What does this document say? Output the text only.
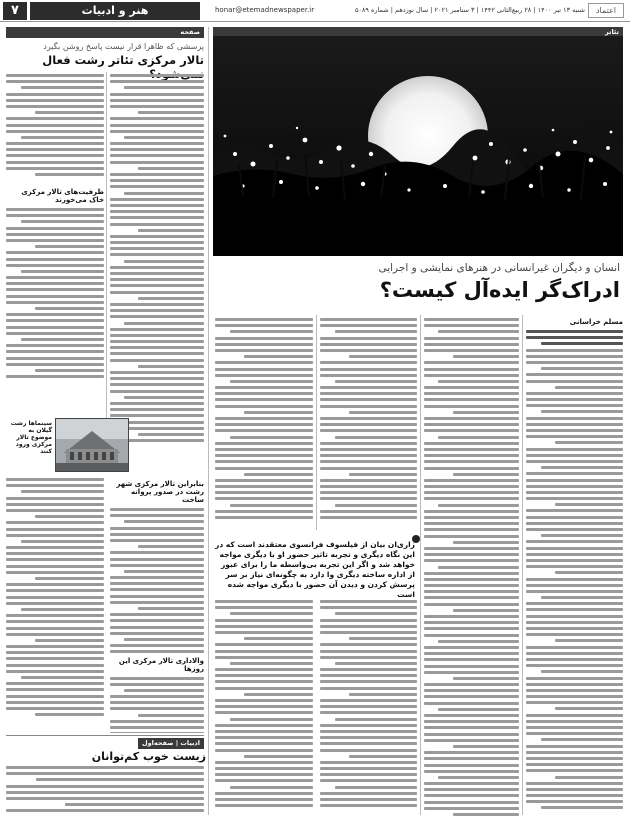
۷	هنر و ادبیات	honar@etemadnewspaper.ir	شنبه ۱۳ تیر ۱۴۰۰ | ۲۸ ربیع‌الثانی ۱۴۴۲ | ۳ ستامبر ۲۰۲۱ | سال نوزدهم | شماره ۵۰۸۹	اعتماد
صفحه	تئاتر
انسان و دیگران غیرانسانی در هنرهای نمایشی و اجرایی
ادراک‌گر ایده‌آل کیست؟
پرسشی که ظاهرا قرار نیست پاسخ روشن بگیرد
تالار مرکزی تئاتر رشت فعال
ظرفیت‌های تالار مرکزی خاک می‌خورند
سینماها رشت گیلان به موضوع تالار مرکزی ورود کنند
بنابراین تالار مرکزی شهر رشت در صدور پروانه ساخت
والاداری تالار مرکزی این روزها
ادبیات | صفحه‌اول
زیست خوب کم‌توانان
مسلم خراسانی
زاری‌ان بیان از فیلسوف فرانسوی معتقدند است که در این نگاه دیگری و تجربه تاثیر حضور او با دیگری مواجه خواهد شد و اگر این تجربه بی‌واسطه ما را برای عبور از اداره ساخته دیگری وا دارد به چگونه‌ای نیاز بر سر پرسش کردن و دیدن آن حضور با دیگری مواجه شده است
